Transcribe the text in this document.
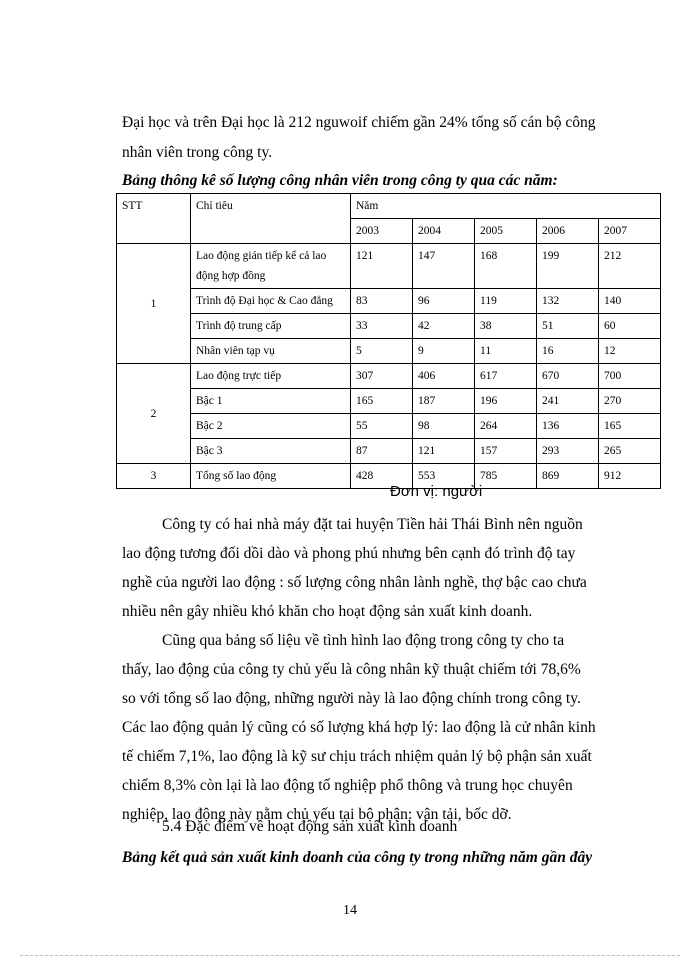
Đại học và trên Đại học là 212 nguwoif chiếm gần 24% tổng số cán bộ công

nhân viên trong công ty.

Bảng thông kê số lượng công nhân viên trong công ty qua các năm:

STT	Chỉ tiêu	Năm				
		2003	2004	2005	2006	2007
1	Lao động gián tiếp kể cả lao động hợp đồng	121	147	168	199	212
	Trình độ Đại học & Cao đẳng	83	96	119	132	140
	Trình độ trung cấp	33	42	38	51	60
	Nhân viên tạp vụ	5	9	11	16	12
2	Lao động trực tiếp	307	406	617	670	700
	Bậc 1	165	187	196	241	270
	Bậc 2	55	98	264	136	165
	Bậc 3	87	121	157	293	265
3	Tổng số lao động	428	553	785	869	912
Đơn vị: người

Công ty có hai nhà máy đặt tai huyện Tiền hải Thái Bình nên nguồn

lao động tương đối dồi dào và phong phú nhưng bên cạnh đó trình độ tay

nghề của người lao động : số lượng công nhân lành nghề, thợ bậc cao chưa

nhiều nên gây nhiều khó khăn cho hoạt động sản xuất kinh doanh.

Cũng qua bảng số liệu về tình hình lao động trong công ty cho ta

thấy, lao động của công ty chủ yếu là công nhân kỹ thuật chiếm tới 78,6%

so với tổng số lao động, những người này là lao động chính trong công ty.

Các lao động quản lý cũng có số lượng khá hợp lý: lao động là cử nhân kinh

tế chiếm 7,1%, lao động là kỹ sư chịu trách nhiệm quản lý bộ phận sản xuất

chiếm 8,3% còn lại là lao động tố nghiệp phổ thông và trung học chuyên

nghiệp, lao động này nằm chủ yếu tại bộ phận: vận tải, bốc dỡ.

5.4 Đặc điểm về hoạt động sản xuất kinh doanh

Bảng kết quả sản xuất kinh doanh của công ty trong những năm gần đây

14
